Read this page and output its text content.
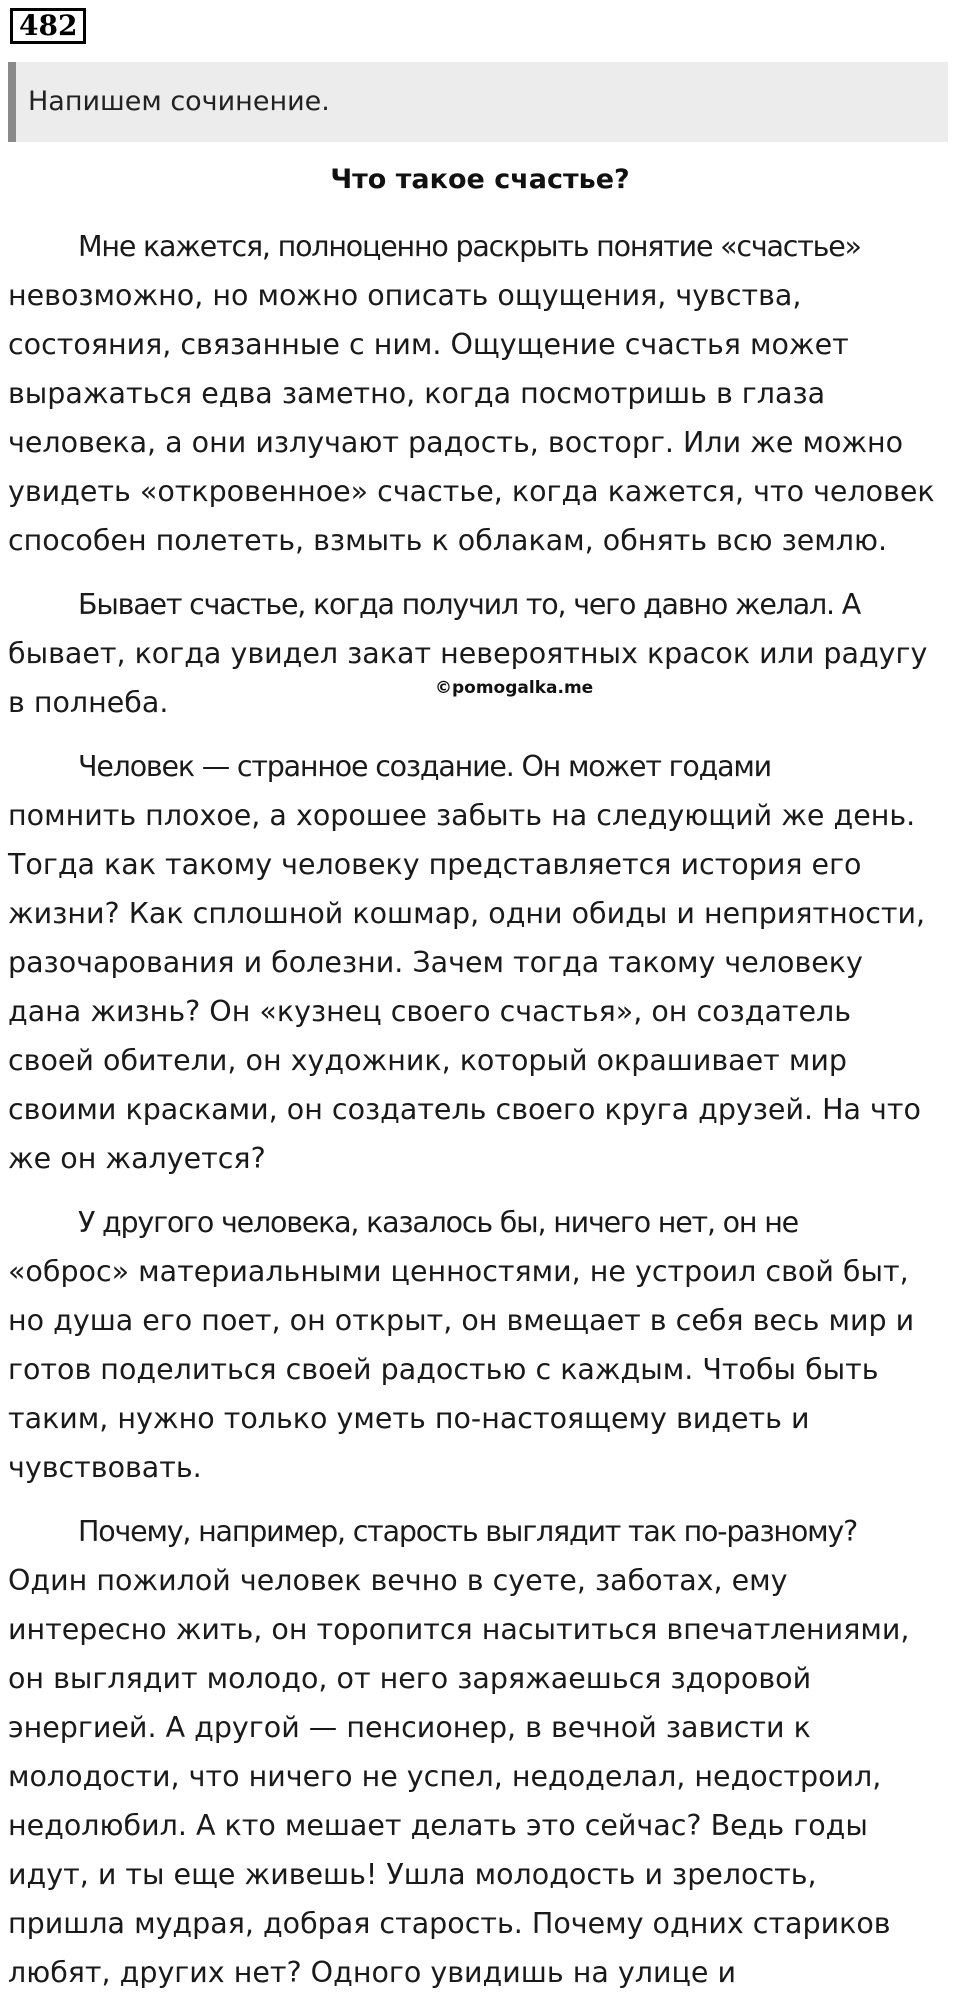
482
Напишем сочинение.
Что такое счастье?

Мне кажется, полноценно раскрыть понятие «счастье»
невозможно, но можно описать ощущения, чувства,
состояния, связанные с ним. Ощущение счастья может
выражаться едва заметно, когда посмотришь в глаза
человека, а они излучают радость, восторг. Или же можно
увидеть «откровенное» счастье, когда кажется, что человек
способен полететь, взмыть к облакам, обнять всю землю.

Бывает счастье, когда получил то, чего давно желал. А
бывает, когда увидел закат невероятных красок или радугу
в полнеба.

Человек — странное создание. Он может годами
помнить плохое, а хорошее забыть на следующий же день.
Тогда как такому человеку представляется история его
жизни? Как сплошной кошмар, одни обиды и неприятности,
разочарования и болезни. Зачем тогда такому человеку
дана жизнь? Он «кузнец своего счастья», он создатель
своей обители, он художник, который окрашивает мир
своими красками, он создатель своего круга друзей. На что
же он жалуется?

У другого человека, казалось бы, ничего нет, он не
«оброс» материальными ценностями, не устроил свой быт,
но душа его поет, он открыт, он вмещает в себя весь мир и
готов поделиться своей радостью с каждым. Чтобы быть
таким, нужно только уметь по-настоящему видеть и
чувствовать.

Почему, например, старость выглядит так по-разному?
Один пожилой человек вечно в суете, заботах, ему
интересно жить, он торопится насытиться впечатлениями,
он выглядит молодо, от него заряжаешься здоровой
энергией. А другой — пенсионер, в вечной зависти к
молодости, что ничего не успел, недоделал, недостроил,
недолюбил. А кто мешает делать это сейчас? Ведь годы
идут, и ты еще живешь! Ушла молодость и зрелость,
пришла мудрая, добрая старость. Почему одних стариков
любят, других нет? Одного увидишь на улице и

©pomogalka.me
